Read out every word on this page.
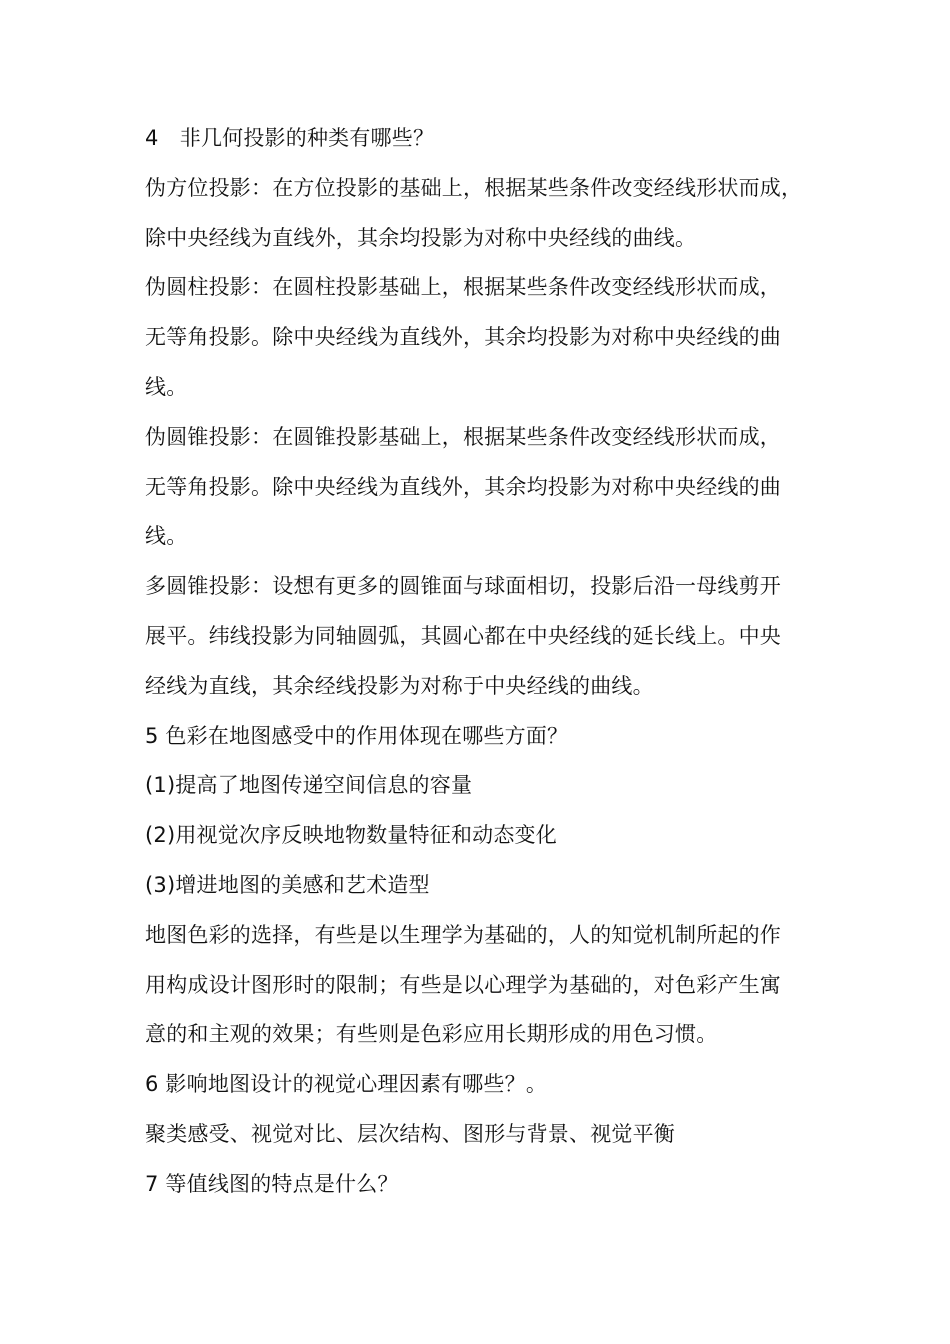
4　非几何投影的种类有哪些？
伪方位投影：在方位投影的基础上，根据某些条件改变经线形状而成，
除中央经线为直线外，其余均投影为对称中央经线的曲线。
伪圆柱投影：在圆柱投影基础上，根据某些条件改变经线形状而成，
无等角投影。除中央经线为直线外，其余均投影为对称中央经线的曲
线。
伪圆锥投影：在圆锥投影基础上，根据某些条件改变经线形状而成，
无等角投影。除中央经线为直线外，其余均投影为对称中央经线的曲
线。
多圆锥投影：设想有更多的圆锥面与球面相切，投影后沿一母线剪开
展平。纬线投影为同轴圆弧，其圆心都在中央经线的延长线上。中央
经线为直线，其余经线投影为对称于中央经线的曲线。
5 色彩在地图感受中的作用体现在哪些方面？
(1)提高了地图传递空间信息的容量
(2)用视觉次序反映地物数量特征和动态变化
(3)增进地图的美感和艺术造型
地图色彩的选择，有些是以生理学为基础的，人的知觉机制所起的作
用构成设计图形时的限制；有些是以心理学为基础的，对色彩产生寓
意的和主观的效果；有些则是色彩应用长期形成的用色习惯。
6 影响地图设计的视觉心理因素有哪些？。
聚类感受、视觉对比、层次结构、图形与背景、视觉平衡
7 等值线图的特点是什么？
